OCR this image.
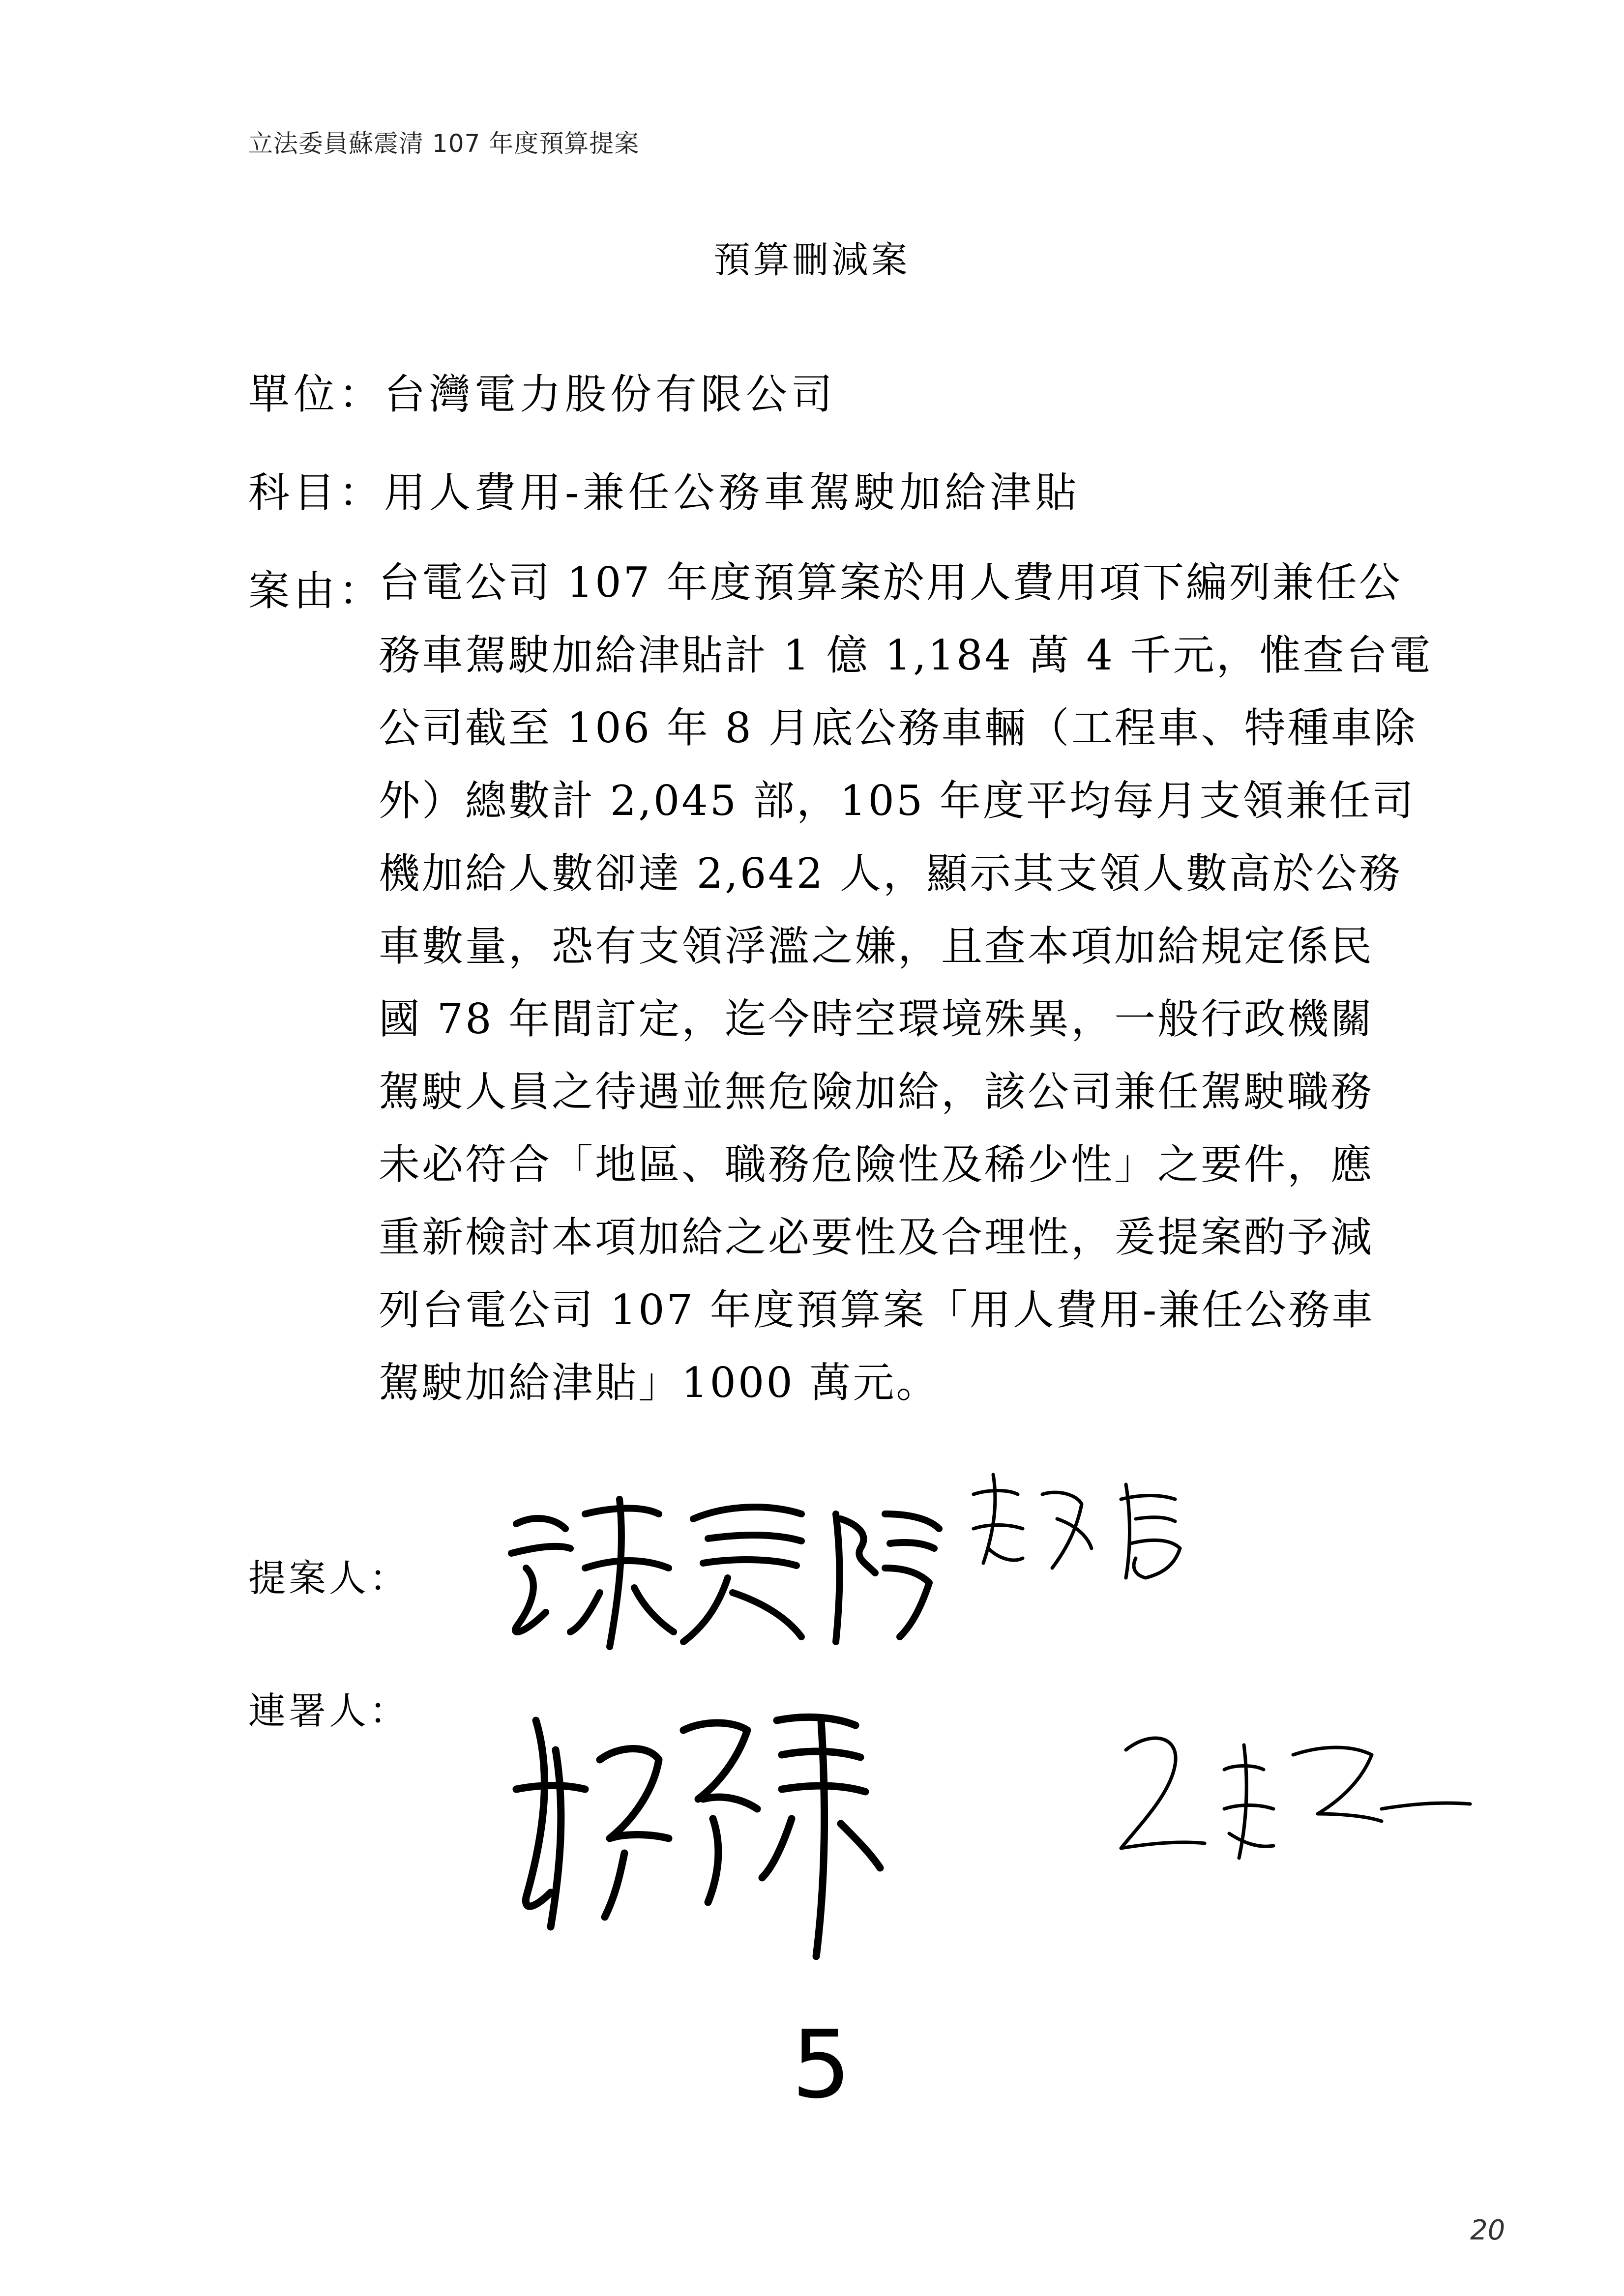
立法委員蘇震清 107 年度預算提案
預算刪減案
單位：台灣電力股份有限公司
科目：用人費用-兼任公務車駕駛加給津貼
案由：
台電公司 107 年度預算案於用人費用項下編列兼任公
務車駕駛加給津貼計 1 億 1,184 萬 4 千元，惟查台電
公司截至 106 年 8 月底公務車輛（工程車、特種車除
外）總數計 2,045 部，105 年度平均每月支領兼任司
機加給人數卻達 2,642 人，顯示其支領人數高於公務
車數量，恐有支領浮濫之嫌，且查本項加給規定係民
國 78 年間訂定，迄今時空環境殊異，一般行政機關
駕駛人員之待遇並無危險加給，該公司兼任駕駛職務
未必符合「地區、職務危險性及稀少性」之要件，應
重新檢討本項加給之必要性及合理性，爰提案酌予減
列台電公司 107 年度預算案「用人費用-兼任公務車
駕駛加給津貼」1000 萬元。
提案人：
連署人：
5
20
